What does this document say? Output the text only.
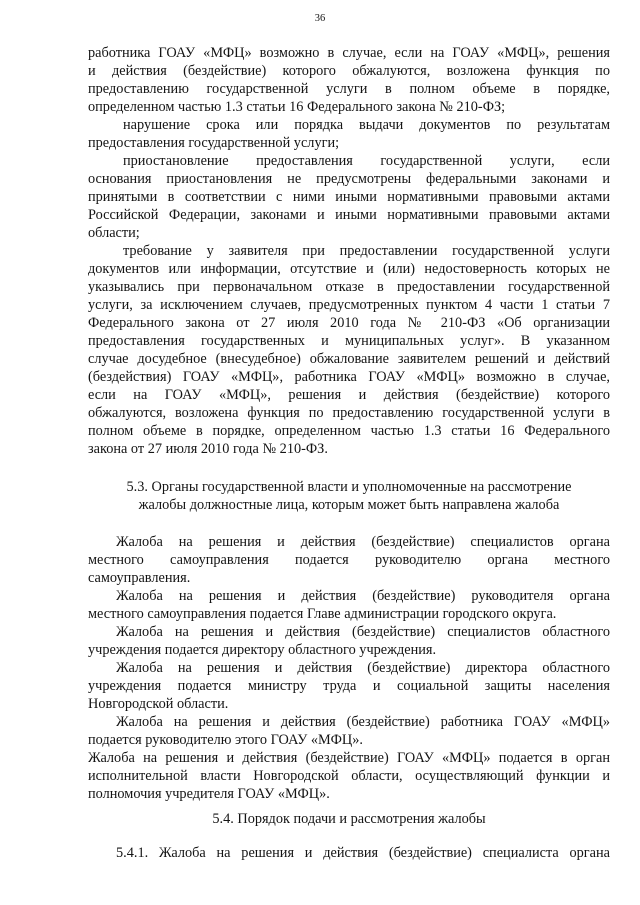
36
работника ГОАУ «МФЦ» возможно в случае, если на ГОАУ «МФЦ», решения
и действия (бездействие) которого обжалуются, возложена функция по
предоставлению государственной услуги в полном объеме в порядке,
определенном частью 1.3 статьи 16 Федерального закона № 210-ФЗ;
нарушение срока или порядка выдачи документов по результатам
предоставления государственной услуги;
приостановление предоставления государственной услуги, если
основания приостановления не предусмотрены федеральными законами и
принятыми в соответствии с ними иными нормативными правовыми актами
Российской Федерации, законами и иными нормативными правовыми актами
области;
требование у заявителя при предоставлении государственной услуги
документов или информации, отсутствие и (или) недостоверность которых не
указывались при первоначальном отказе в предоставлении государственной
услуги, за исключением случаев, предусмотренных пунктом 4 части 1 статьи 7
Федерального закона от 27 июля 2010 года № 210-ФЗ «Об организации
предоставления государственных и муниципальных услуг». В указанном
случае досудебное (внесудебное) обжалование заявителем решений и действий
(бездействия) ГОАУ «МФЦ», работника ГОАУ «МФЦ» возможно в случае,
если на ГОАУ «МФЦ», решения и действия (бездействие) которого
обжалуются, возложена функция по предоставлению государственной услуги в
полном объеме в порядке, определенном частью 1.3 статьи 16 Федерального
закона от 27 июля 2010 года № 210-ФЗ.
5.3. Органы государственной власти и уполномоченные на рассмотрение
жалобы должностные лица, которым может быть направлена жалоба
Жалоба на решения и действия (бездействие) специалистов органа
местного самоуправления подается руководителю органа местного
самоуправления.
Жалоба на решения и действия (бездействие) руководителя органа
местного самоуправления подается Главе администрации городского округа.
Жалоба на решения и действия (бездействие) специалистов областного
учреждения подается директору областного учреждения.
Жалоба на решения и действия (бездействие) директора областного
учреждения подается министру труда и социальной защиты населения
Новгородской области.
Жалоба на решения и действия (бездействие) работника ГОАУ «МФЦ»
подается руководителю этого ГОАУ «МФЦ».
Жалоба на решения и действия (бездействие) ГОАУ «МФЦ» подается в орган
исполнительной власти Новгородской области, осуществляющий функции и
полномочия учредителя ГОАУ «МФЦ».
5.4. Порядок подачи и рассмотрения жалобы
5.4.1. Жалоба на решения и действия (бездействие) специалиста органа
